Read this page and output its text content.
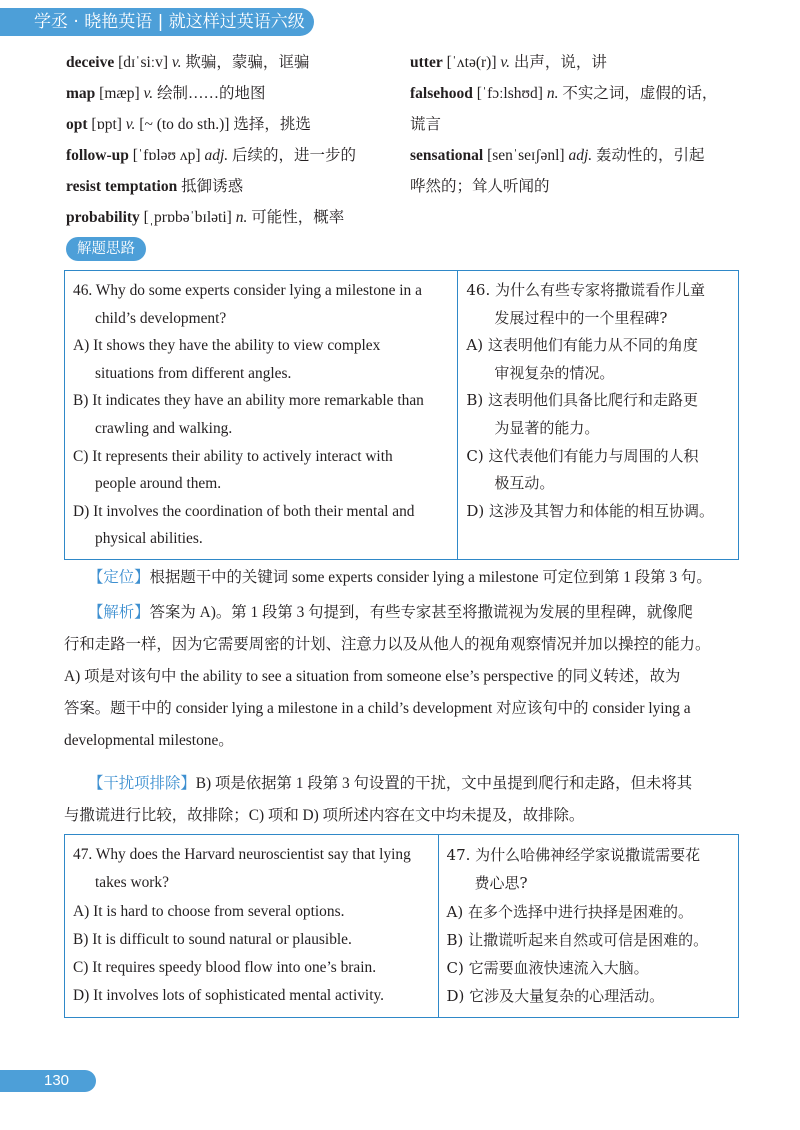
学丞 · 晓艳英语 | 就这样过英语六级
deceive [dɪˈsiːv] v. 欺骗，蒙骗，诓骗
map [mæp] v. 绘制……的地图
opt [ɒpt] v. [~ (to do sth.)] 选择，挑选
follow-up [ˈfɒləʊ ʌp] adj. 后续的，进一步的
resist temptation 抵御诱惑
probability [ˌprɒbəˈbɪləti] n. 可能性，概率
utter [ˈʌtə(r)] v. 出声，说，讲
falsehood [ˈfɔːlshʊd] n. 不实之词，虚假的话，
谎言
sensational [senˈseɪʃənl] adj. 轰动性的，引起
哗然的；耸人听闻的
解题思路
46. Why do some experts consider lying a milestone in a
child’s development?
A) It shows they have the ability to view complex
situations from different angles.
B) It indicates they have an ability more remarkable than
crawling and walking.
C) It represents their ability to actively interact with
people around them.
D) It involves the coordination of both their mental and
physical abilities.

46. 为什么有些专家将撒谎看作儿童
发展过程中的一个里程碑?
A) 这表明他们有能力从不同的角度
审视复杂的情况。
B) 这表明他们具备比爬行和走路更
为显著的能力。
C) 这代表他们有能力与周围的人积
极互动。
D) 这涉及其智力和体能的相互协调。
【定位】根据题干中的关键词 some experts consider lying a milestone 可定位到第 1 段第 3 句。
【解析】答案为 A)。第 1 段第 3 句提到，有些专家甚至将撒谎视为发展的里程碑，就像爬
行和走路一样，因为它需要周密的计划、注意力以及从他人的视角观察情况并加以操控的能力。
A) 项是对该句中 the ability to see a situation from someone else’s perspective 的同义转述，故为
答案。题干中的 consider lying a milestone in a child’s development 对应该句中的 consider lying a
developmental milestone。
【干扰项排除】B) 项是依据第 1 段第 3 句设置的干扰，文中虽提到爬行和走路，但未将其
与撒谎进行比较，故排除；C) 项和 D) 项所述内容在文中均未提及，故排除。
47. Why does the Harvard neuroscientist say that lying
takes work?
A) It is hard to choose from several options.
B) It is difficult to sound natural or plausible.
C) It requires speedy blood flow into one’s brain.
D) It involves lots of sophisticated mental activity.

47. 为什么哈佛神经学家说撒谎需要花
费心思?
A) 在多个选择中进行抉择是困难的。
B) 让撒谎听起来自然或可信是困难的。
C) 它需要血液快速流入大脑。
D) 它涉及大量复杂的心理活动。
130
